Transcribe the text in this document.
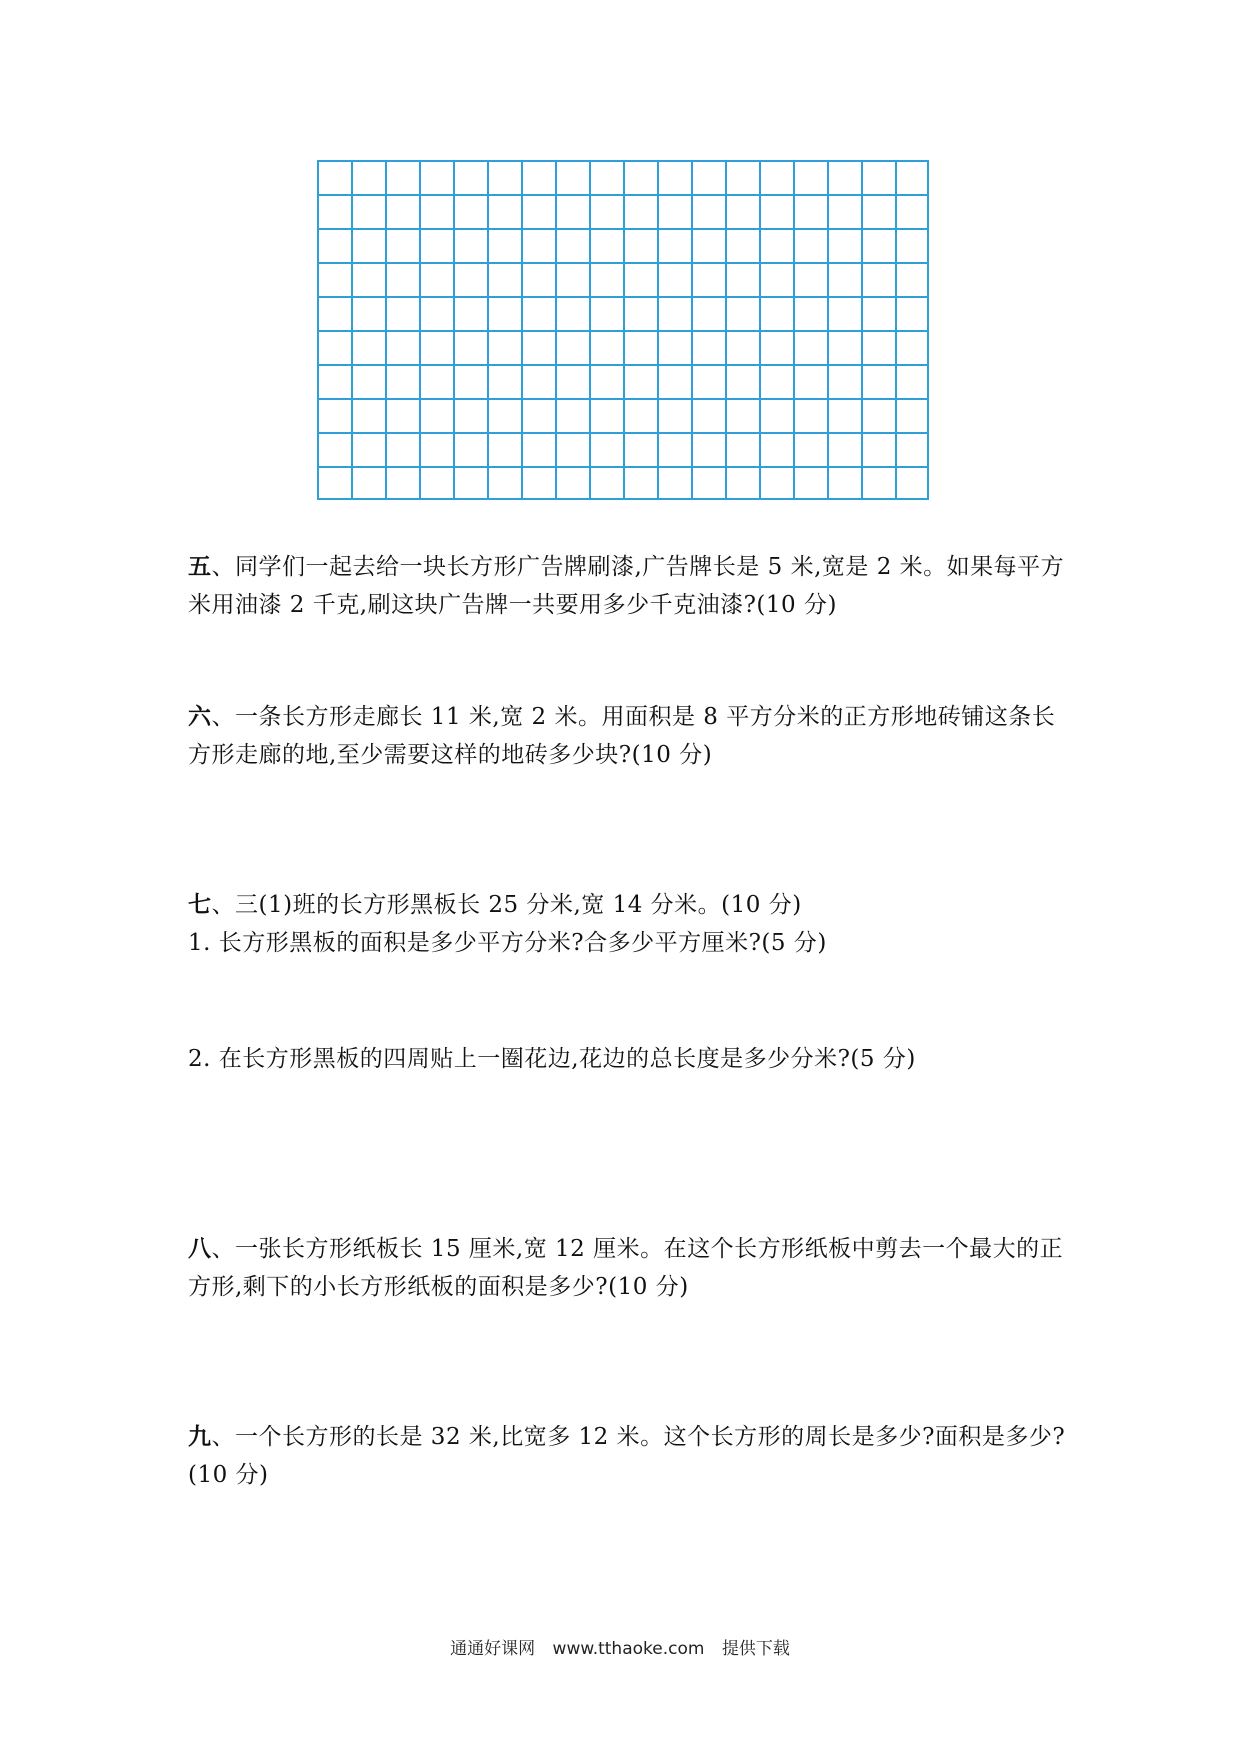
五、同学们一起去给一块长方形广告牌刷漆,广告牌长是 5 米,宽是 2 米。如果每平方米用油漆 2 千克,刷这块广告牌一共要用多少千克油漆?(10 分)
六、一条长方形走廊长 11 米,宽 2 米。用面积是 8 平方分米的正方形地砖铺这条长方形走廊的地,至少需要这样的地砖多少块?(10 分)
七、三(1)班的长方形黑板长 25 分米,宽 14 分米。(10 分)
1. 长方形黑板的面积是多少平方分米?合多少平方厘米?(5 分)
2. 在长方形黑板的四周贴上一圈花边,花边的总长度是多少分米?(5 分)
八、一张长方形纸板长 15 厘米,宽 12 厘米。在这个长方形纸板中剪去一个最大的正方形,剩下的小长方形纸板的面积是多少?(10 分)
九、一个长方形的长是 32 米,比宽多 12 米。这个长方形的周长是多少?面积是多少?(10 分)
通通好课网 www.tthaoke.com 提供下载
